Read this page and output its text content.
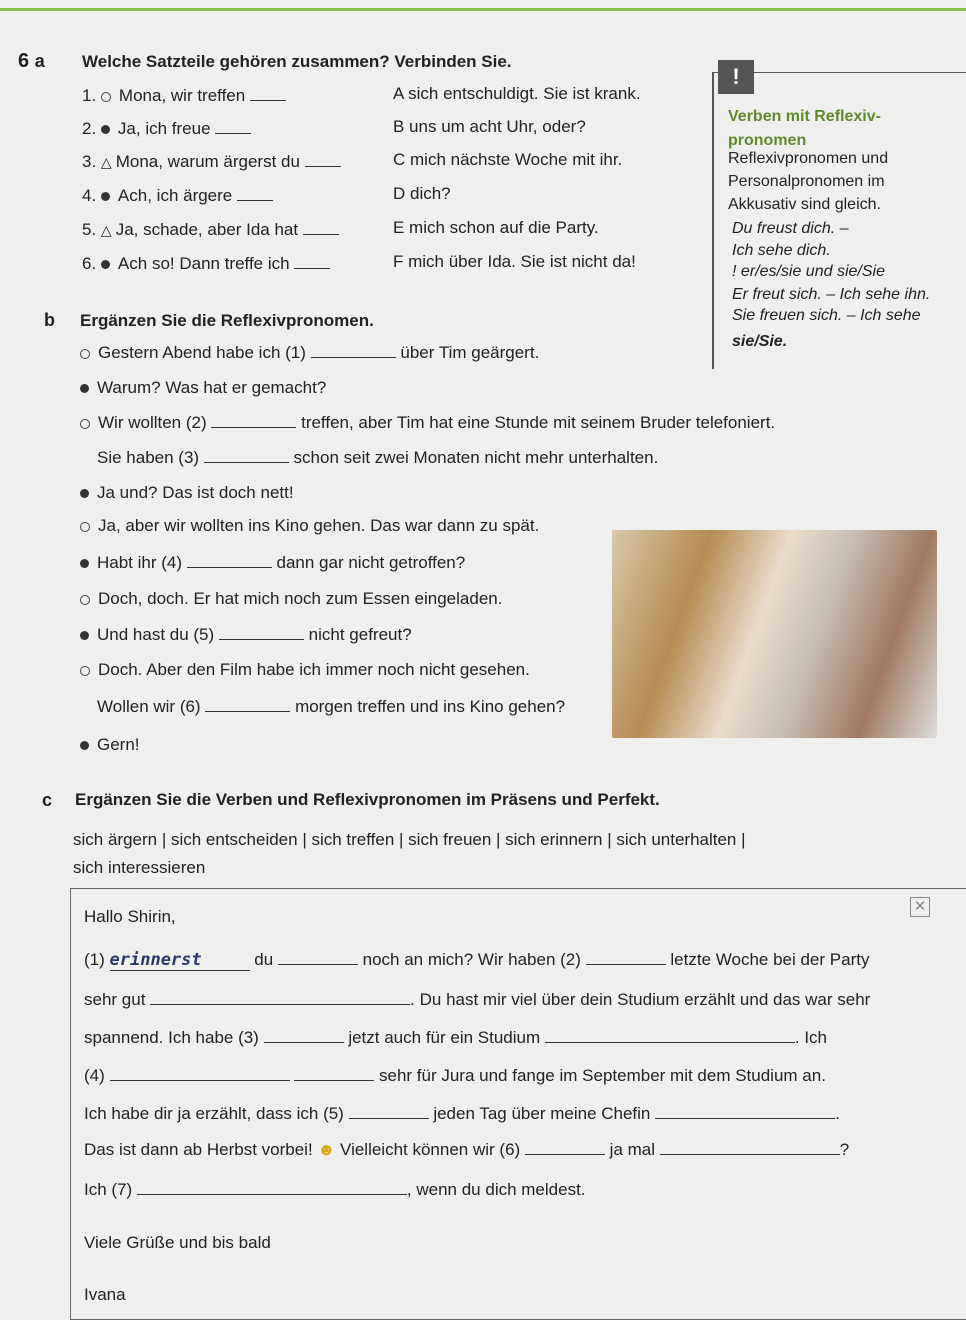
6 a Welche Satzteile gehören zusammen? Verbinden Sie.
!
Verben mit Reflexiv-
pronomen
b Ergänzen Sie die Reflexivpronomen.
c Ergänzen Sie die Verben und Reflexivpronomen im Präsens und Perfekt.
sich ärgern | sich entscheiden | sich treffen | sich freuen | sich erinnern | sich unterhalten |
sich interessieren
✕
Hallo Shirin,
(1) erinnerst	du	noch an mich? Wir haben (2)	letzte Woche bei der Party
sehr gut	. Du hast mir viel über dein Studium erzählt und das war sehr
spannend. Ich habe (3)	jetzt auch für ein Studium	. Ich
(4)	sehr für Jura und fange im September mit dem Studium an.
Ich habe dir ja erzählt, dass ich (5)	jeden Tag über meine Chefin	.
Das ist dann ab Herbst vorbei! ☻ Vielleicht können wir (6)	ja mal	?
Ich (7)	, wenn du dich meldest.
Viele Grüße und bis bald
Ivana
1. Mona, wir treffen	A sich entschuldigt. Sie ist krank.
2. Ja, ich freue	B uns um acht Uhr, oder?
3. △ Mona, warum ärgerst du	C mich nächste Woche mit ihr.
4. Ach, ich ärgere	D dich?
5. △ Ja, schade, aber Ida hat	E mich schon auf die Party.
6. Ach so! Dann treffe ich	F mich über Ida. Sie ist nicht da!
Reflexivpronomen und
Personalpronomen im
Akkusativ sind gleich.
Du freust dich. –
Ich sehe dich.
! er/es/sie und sie/Sie
Er freut sich. – Ich sehe ihn.
Sie freuen sich. – Ich sehe
sie/Sie.
Gestern Abend habe ich (1)	über Tim geärgert.
Warum? Was hat er gemacht?
Wir wollten (2)	treffen, aber Tim hat eine Stunde mit seinem Bruder telefoniert.
Sie haben (3)	schon seit zwei Monaten nicht mehr unterhalten.
Ja und? Das ist doch nett!
Ja, aber wir wollten ins Kino gehen. Das war dann zu spät.
Habt ihr (4)	dann gar nicht getroffen?
Doch, doch. Er hat mich noch zum Essen eingeladen.
Und hast du (5)	nicht gefreut?
Doch. Aber den Film habe ich immer noch nicht gesehen.
Wollen wir (6)	morgen treffen und ins Kino gehen?
Gern!
